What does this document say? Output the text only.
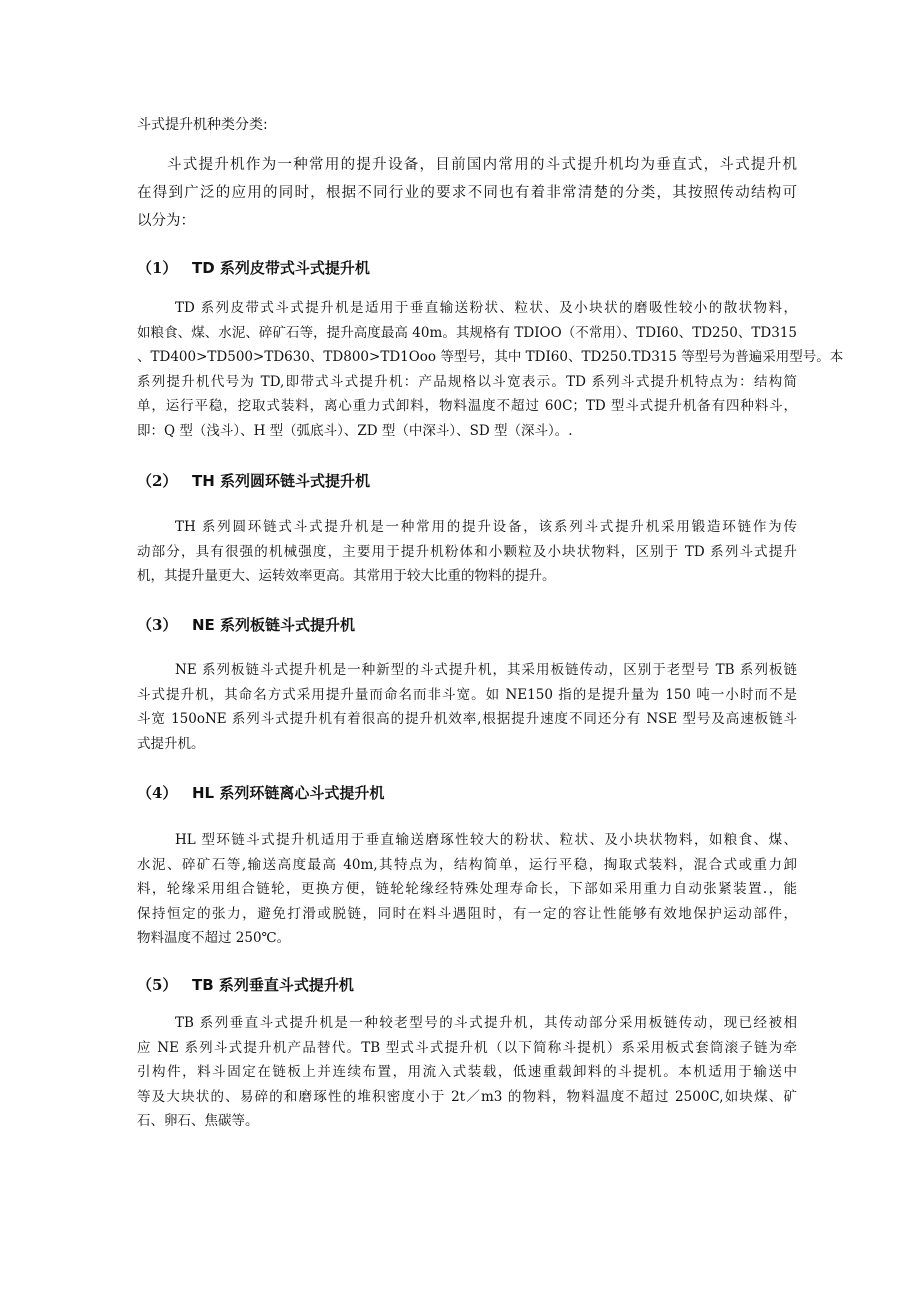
斗式提升机种类分类:
斗式提升机作为一种常用的提升设备，目前国内常用的斗式提升机均为垂直式，斗式提升机
在得到广泛的应用的同时，根据不同行业的要求不同也有着非常清楚的分类，其按照传动结构可
以分为：
（1） TD 系列皮带式斗式提升机
TD 系列皮带式斗式提升机是适用于垂直输送粉状、粒状、及小块状的磨吸性较小的散状物料，
如粮食、煤、水泥、碎矿石等，提升高度最高 40m。其规格有 TDIOO（不常用）、TDI60、TD250、TD315
、TD400>TD500>TD630、TD800>TD1Ooo 等型号，其中 TDI60、TD250.TD315 等型号为普遍采用型号。本
系列提升机代号为 TD,即带式斗式提升机：产品规格以斗宽表示。TD 系列斗式提升机特点为：结构简
单，运行平稳，挖取式装料，离心重力式卸料，物料温度不超过 60C；TD 型斗式提升机备有四种料斗，
即：Q 型（浅斗）、H 型（弧底斗）、ZD 型（中深斗）、SD 型（深斗）。.
（2） TH 系列圆环链斗式提升机
TH 系列圆环链式斗式提升机是一种常用的提升设备，该系列斗式提升机采用锻造环链作为传
动部分，具有很强的机械强度，主要用于提升机粉体和小颗粒及小块状物料，区别于 TD 系列斗式提升
机，其提升量更大、运转效率更高。其常用于较大比重的物料的提升。
（3） NE 系列板链斗式提升机
NE 系列板链斗式提升机是一种新型的斗式提升机，其采用板链传动，区别于老型号 TB 系列板链
斗式提升机，其命名方式采用提升量而命名而非斗宽。如 NE150 指的是提升量为 150 吨一小时而不是
斗宽 150oNE 系列斗式提升机有着很高的提升机效率,根据提升速度不同还分有 NSE 型号及高速板链斗
式提升机。
（4） HL 系列环链离心斗式提升机
HL 型环链斗式提升机适用于垂直输送磨琢性较大的粉状、粒状、及小块状物料，如粮食、煤、
水泥、碎矿石等,输送高度最高 40m,其特点为，结构简单，运行平稳，掏取式装料，混合式或重力卸
料，轮缘采用组合链轮，更换方便，链轮轮缘经特殊处理寿命长，下部如采用重力自动张紧装置.，能
保持恒定的张力，避免打滑或脱链，同时在料斗遇阻时，有一定的容让性能够有效地保护运动部件，
物料温度不超过 250℃。
（5） TB 系列垂直斗式提升机
TB 系列垂直斗式提升机是一种较老型号的斗式提升机，其传动部分采用板链传动，现已经被相
应 NE 系列斗式提升机产品替代。TB 型式斗式提升机（以下简称斗提机）系采用板式套筒滚子链为牵
引构件，料斗固定在链板上并连续布置，用流入式装载，低速重载卸料的斗提机。本机适用于输送中
等及大块状的、易碎的和磨琢性的堆积密度小于 2t／m3 的物料，物料温度不超过 2500C,如块煤、矿
石、卵石、焦碳等。
